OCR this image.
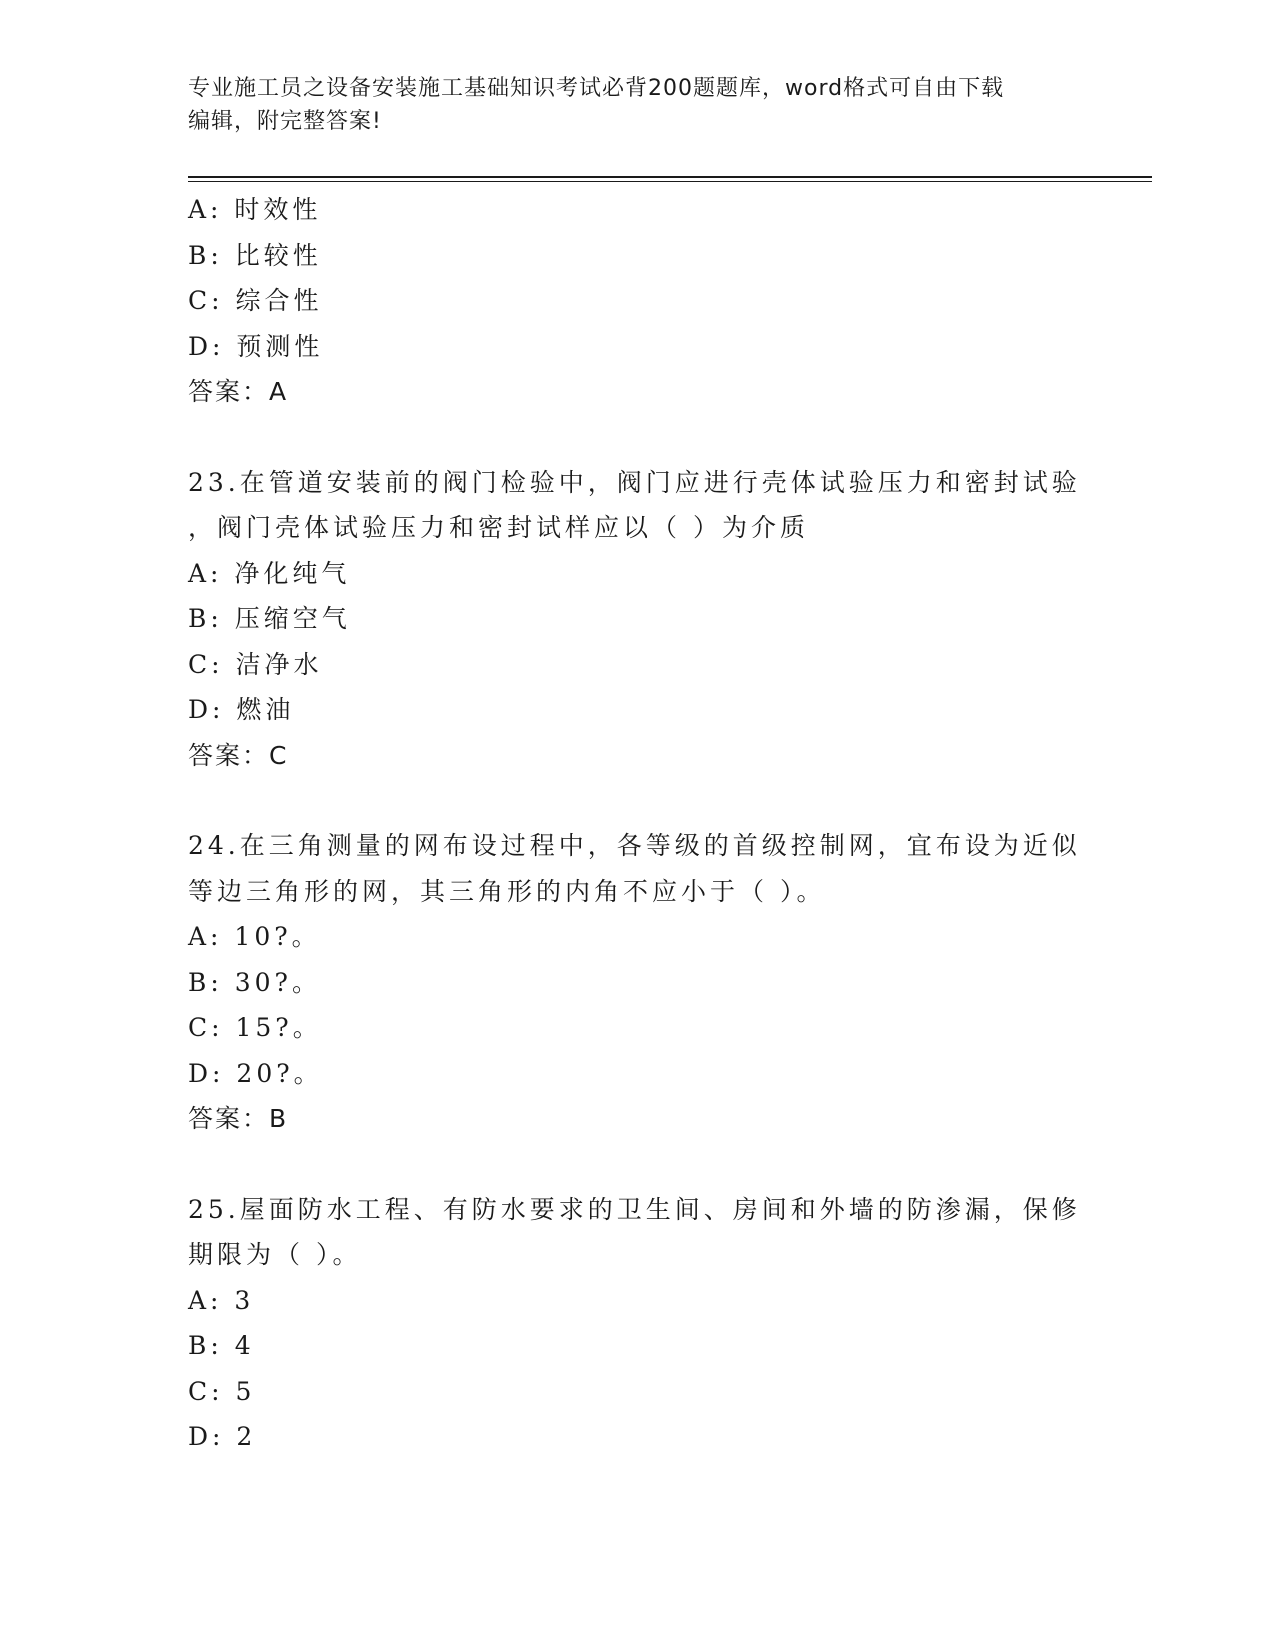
专业施工员之设备安装施工基础知识考试必背200题题库，word格式可自由下载
编辑，附完整答案!
A: 时效性
B: 比较性
C: 综合性
D: 预测性
答案：A
23.在管道安装前的阀门检验中，阀门应进行壳体试验压力和密封试验
，阀门壳体试验压力和密封试样应以（ ）为介质
A: 净化纯气
B: 压缩空气
C: 洁净水
D: 燃油
答案：C
24.在三角测量的网布设过程中，各等级的首级控制网，宜布设为近似
等边三角形的网，其三角形的内角不应小于（ ）。
A: 10?。
B: 30?。
C: 15?。
D: 20?。
答案：B
25.屋面防水工程、有防水要求的卫生间、房间和外墙的防渗漏，保修
期限为（ ）。
A: 3
B: 4
C: 5
D: 2
